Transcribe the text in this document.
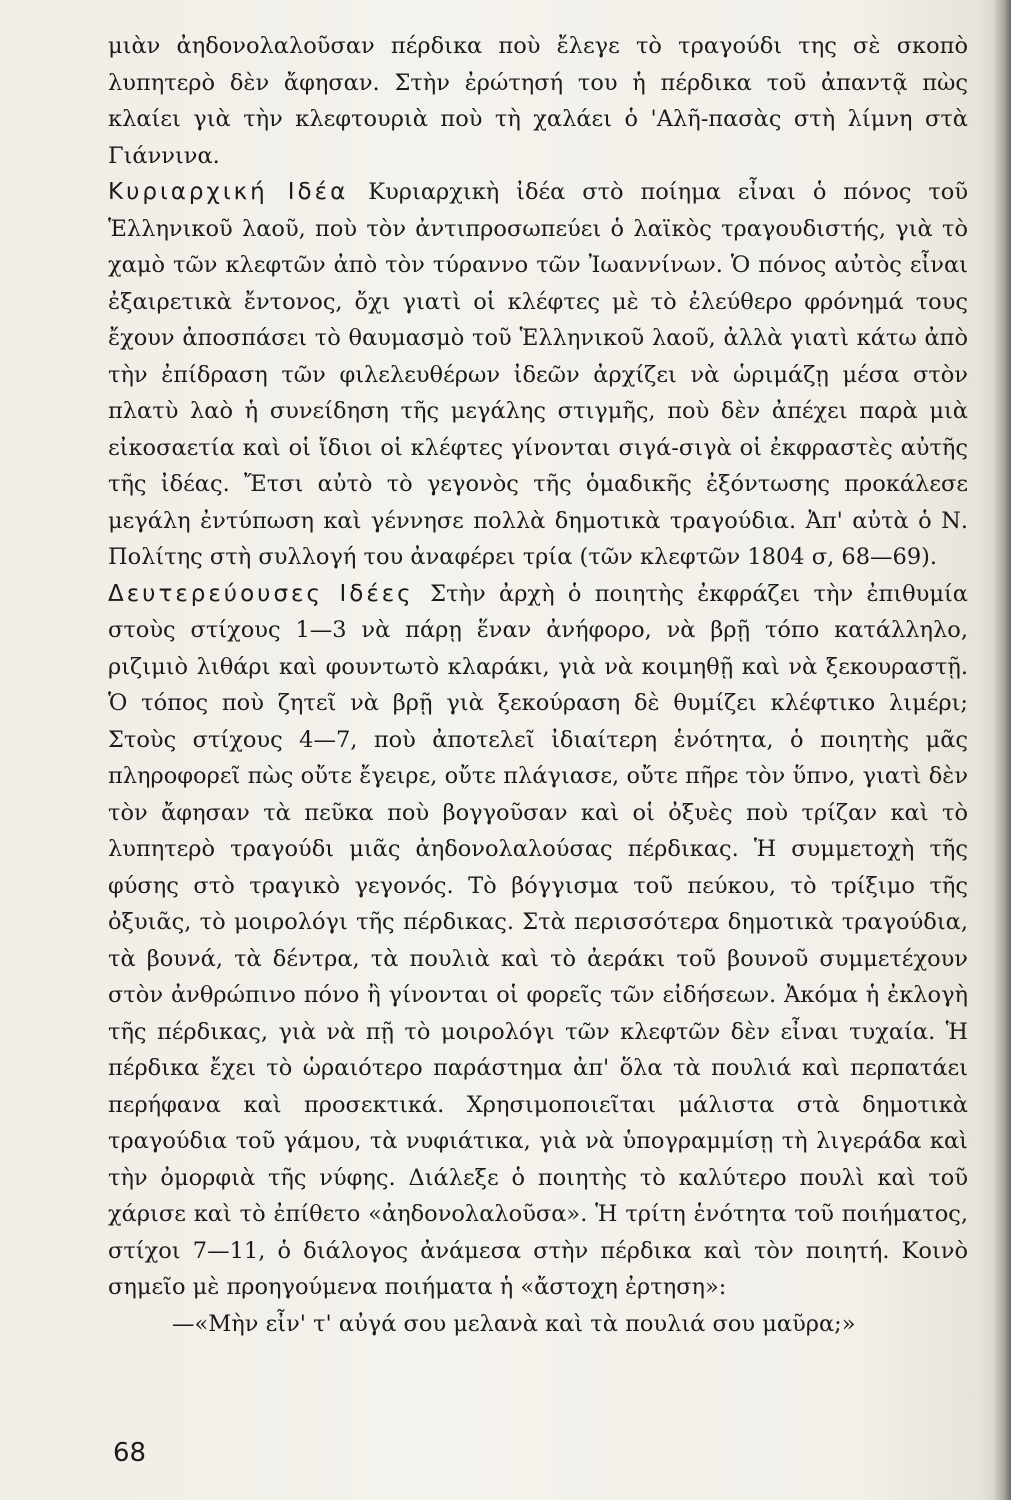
μιὰν ἀηδονολαλοῦσαν πέρδικα ποὺ ἔλεγε τὸ τραγούδι της σὲ σκοπὸ λυπητερὸ δὲν ἄφησαν. Στὴν ἐρώτησή του ἡ πέρδικα τοῦ ἀπαντᾷ πὼς κλαίει γιὰ τὴν κλεφτουριὰ ποὺ τὴ χαλάει ὁ 'Αλῆ-πασὰς στὴ λίμνη στὰ Γιάννινα.

Κυριαρχική Ιδέα Κυριαρχικὴ ἰδέα στὸ ποίημα εἶναι ὁ πόνος τοῦ Ἑλληνικοῦ λαοῦ, ποὺ τὸν ἀντιπροσωπεύει ὁ λαϊκὸς τραγουδιστής, γιὰ τὸ χαμὸ τῶν κλεφτῶν ἀπὸ τὸν τύραννο τῶν Ἰωαννίνων. Ὁ πόνος αὐτὸς εἶναι ἐξαιρετικὰ ἔντονος, ὄχι γιατὶ οἱ κλέφτες μὲ τὸ ἐλεύθερο φρόνημά τους ἔχουν ἀποσπάσει τὸ θαυμασμὸ τοῦ Ἑλληνικοῦ λαοῦ, ἀλλὰ γιατὶ κάτω ἀπὸ τὴν ἐπίδραση τῶν φιλελευθέρων ἰδεῶν ἀρχίζει νὰ ὡριμάζῃ μέσα στὸν πλατὺ λαὸ ἡ συνείδηση τῆς μεγάλης στιγμῆς, ποὺ δὲν ἀπέχει παρὰ μιὰ εἰκοσαετία καὶ οἱ ἴδιοι οἱ κλέφτες γίνονται σιγά-σιγὰ οἱ ἐκφραστὲς αὐτῆς τῆς ἰδέας. Ἔτσι αὐτὸ τὸ γεγονὸς τῆς ὁμαδικῆς ἐξόντωσης προκάλεσε μεγάλη ἐντύπωση καὶ γέννησε πολλὰ δημοτικὰ τραγούδια. Ἀπ' αὐτὰ ὁ Ν. Πολίτης στὴ συλλογή του ἀναφέρει τρία (τῶν κλεφτῶν 1804 σ, 68—69).

Δευτερεύουσες Ιδέες Στὴν ἀρχὴ ὁ ποιητὴς ἐκφράζει τὴν ἐπιθυμία στοὺς στίχους 1—3 νὰ πάρῃ ἕναν ἀνήφορο, νὰ βρῇ τόπο κατάλληλο, ριζιμιὸ λιθάρι καὶ φουντωτὸ κλαράκι, γιὰ νὰ κοιμηθῇ καὶ νὰ ξεκουραστῇ. Ὁ τόπος ποὺ ζητεῖ νὰ βρῇ γιὰ ξεκούραση δὲ θυμίζει κλέφτικο λιμέρι; Στοὺς στίχους 4—7, ποὺ ἀποτελεῖ ἰδιαίτερη ἑνότητα, ὁ ποιητὴς μᾶς πληροφορεῖ πὼς οὔτε ἔγειρε, οὔτε πλάγιασε, οὔτε πῆρε τὸν ὕπνο, γιατὶ δὲν τὸν ἄφησαν τὰ πεῦκα ποὺ βογγοῦσαν καὶ οἱ ὀξυὲς ποὺ τρίζαν καὶ τὸ λυπητερὸ τραγούδι μιᾶς ἀηδονολαλούσας πέρδικας. Ἡ συμμετοχὴ τῆς φύσης στὸ τραγικὸ γεγονός. Τὸ βόγγισμα τοῦ πεύκου, τὸ τρίξιμο τῆς ὀξυιᾶς, τὸ μοιρολόγι τῆς πέρδικας. Στὰ περισσότερα δημοτικὰ τραγούδια, τὰ βουνά, τὰ δέντρα, τὰ πουλιὰ καὶ τὸ ἀεράκι τοῦ βουνοῦ συμμετέχουν στὸν ἀνθρώπινο πόνο ἢ γίνονται οἱ φορεῖς τῶν εἰδήσεων. Ἀκόμα ἡ ἐκλογὴ τῆς πέρδικας, γιὰ νὰ πῇ τὸ μοιρολόγι τῶν κλεφτῶν δὲν εἶναι τυχαία. Ἡ πέρδικα ἔχει τὸ ὡραιότερο παράστημα ἀπ' ὅλα τὰ πουλιά καὶ περπατάει περήφανα καὶ προσεκτικά. Χρησιμοποιεῖται μάλιστα στὰ δημοτικὰ τραγούδια τοῦ γάμου, τὰ νυφιάτικα, γιὰ νὰ ὑπογραμμίσῃ τὴ λιγεράδα καὶ τὴν ὀμορφιὰ τῆς νύφης. Διάλεξε ὁ ποιητὴς τὸ καλύτερο πουλὶ καὶ τοῦ χάρισε καὶ τὸ ἐπίθετο «ἀηδονολαλοῦσα». Ἡ τρίτη ἑνότητα τοῦ ποιήματος, στίχοι 7—11, ὁ διάλογος ἀνάμεσα στὴν πέρδικα καὶ τὸν ποιητή. Κοινὸ σημεῖο μὲ προηγούμενα ποιήματα ἡ «ἄστοχη ἐρτηση»:

—«Μὴν εἶν' τ' αὐγά σου μελανὰ καὶ τὰ πουλιά σου μαῦρα;»

68
